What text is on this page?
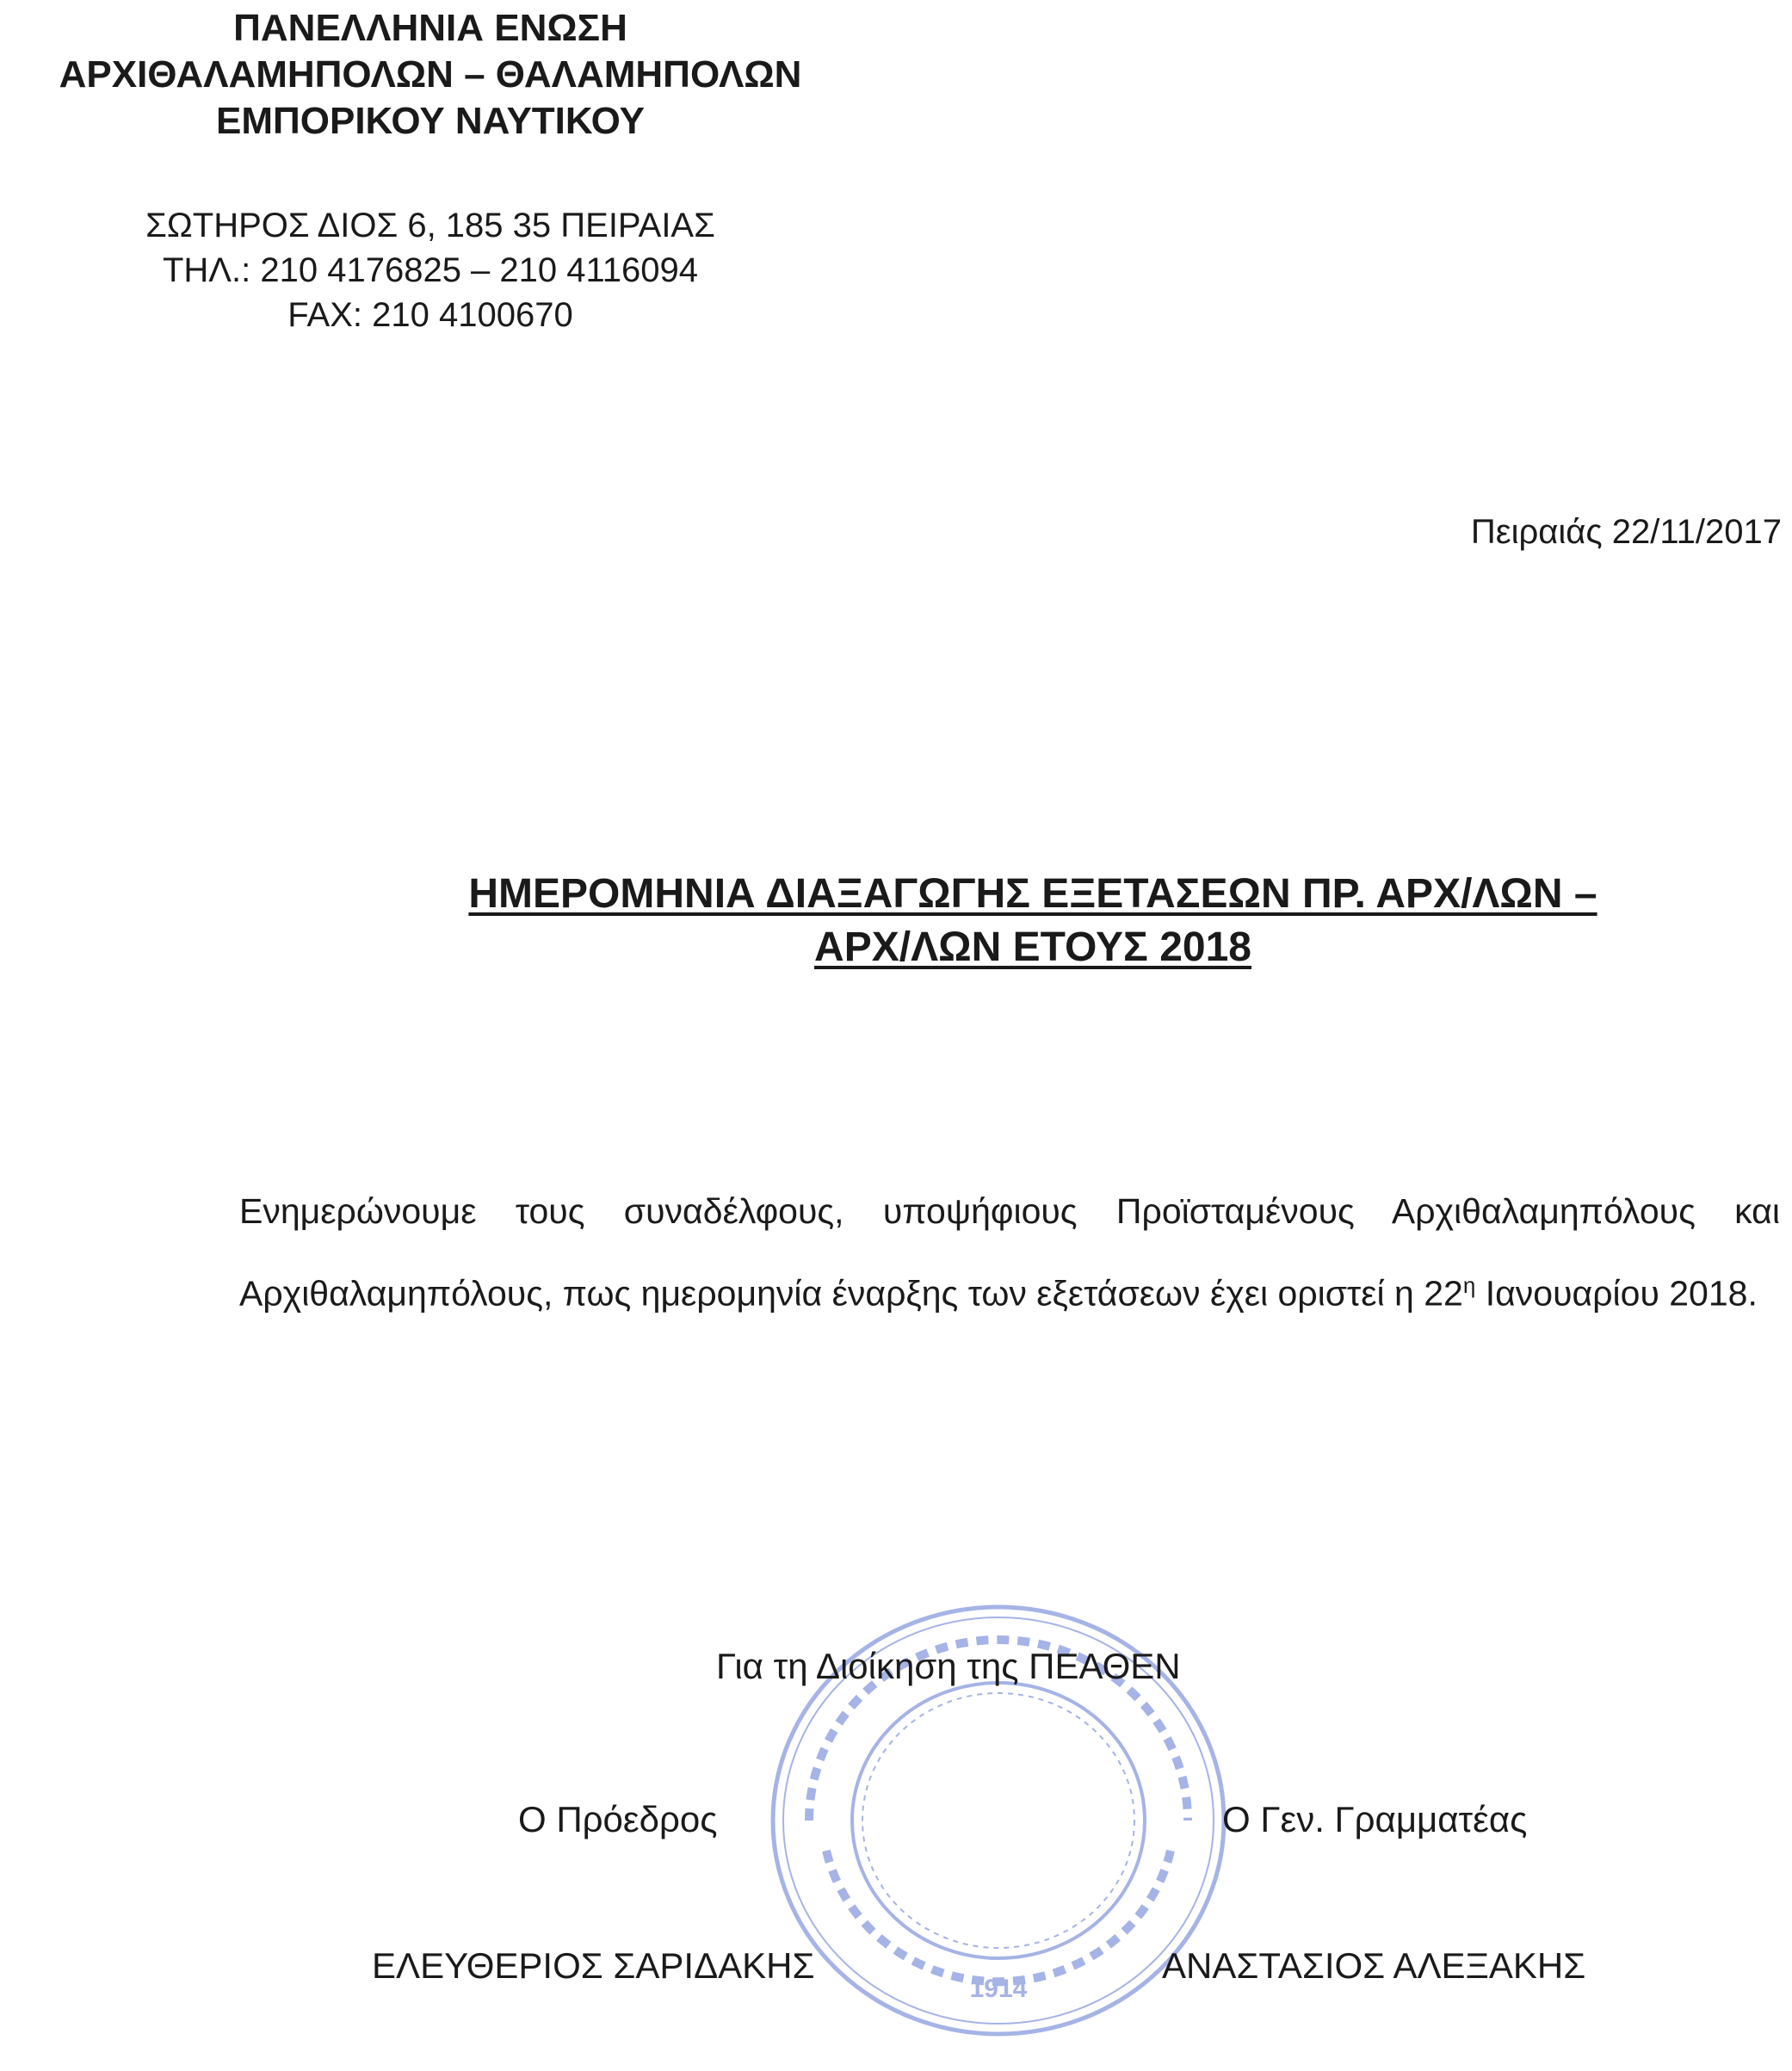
ΠΑΝΕΛΛΗΝΙΑ ΕΝΩΣΗ
ΑΡΧΙΘΑΛΑΜΗΠΟΛΩΝ – ΘΑΛΑΜΗΠΟΛΩΝ
ΕΜΠΟΡΙΚΟΥ ΝΑΥΤΙΚΟΥ
ΣΩΤΗΡΟΣ ΔΙΟΣ 6, 185 35 ΠΕΙΡΑΙΑΣ
ΤΗΛ.: 210 4176825 – 210 4116094
FAX: 210 4100670
Πειραιάς 22/11/2017
ΗΜΕΡΟΜΗΝΙΑ ΔΙΑΞΑΓΩΓΗΣ ΕΞΕΤΑΣΕΩΝ ΠΡ. ΑΡΧ/ΛΩΝ –
ΑΡΧ/ΛΩΝ ΕΤΟΥΣ 2018
Ενημερώνουμε τους συναδέλφους, υποψήφιους Προϊσταμένους Αρχιθαλαμηπόλους και Αρχιθαλαμηπόλους, πως ημερομηνία έναρξης των εξετάσεων έχει οριστεί η $22^\eta$ Ιανουαρίου 2018.
1914
Για τη Διοίκηση της ΠΕΑΘΕΝ
Ο Πρόεδρος	Ο Γεν. Γραμματέας
ΕΛΕΥΘΕΡΙΟΣ ΣΑΡΙΔΑΚΗΣ	ΑΝΑΣΤΑΣΙΟΣ ΑΛΕΞΑΚΗΣ
